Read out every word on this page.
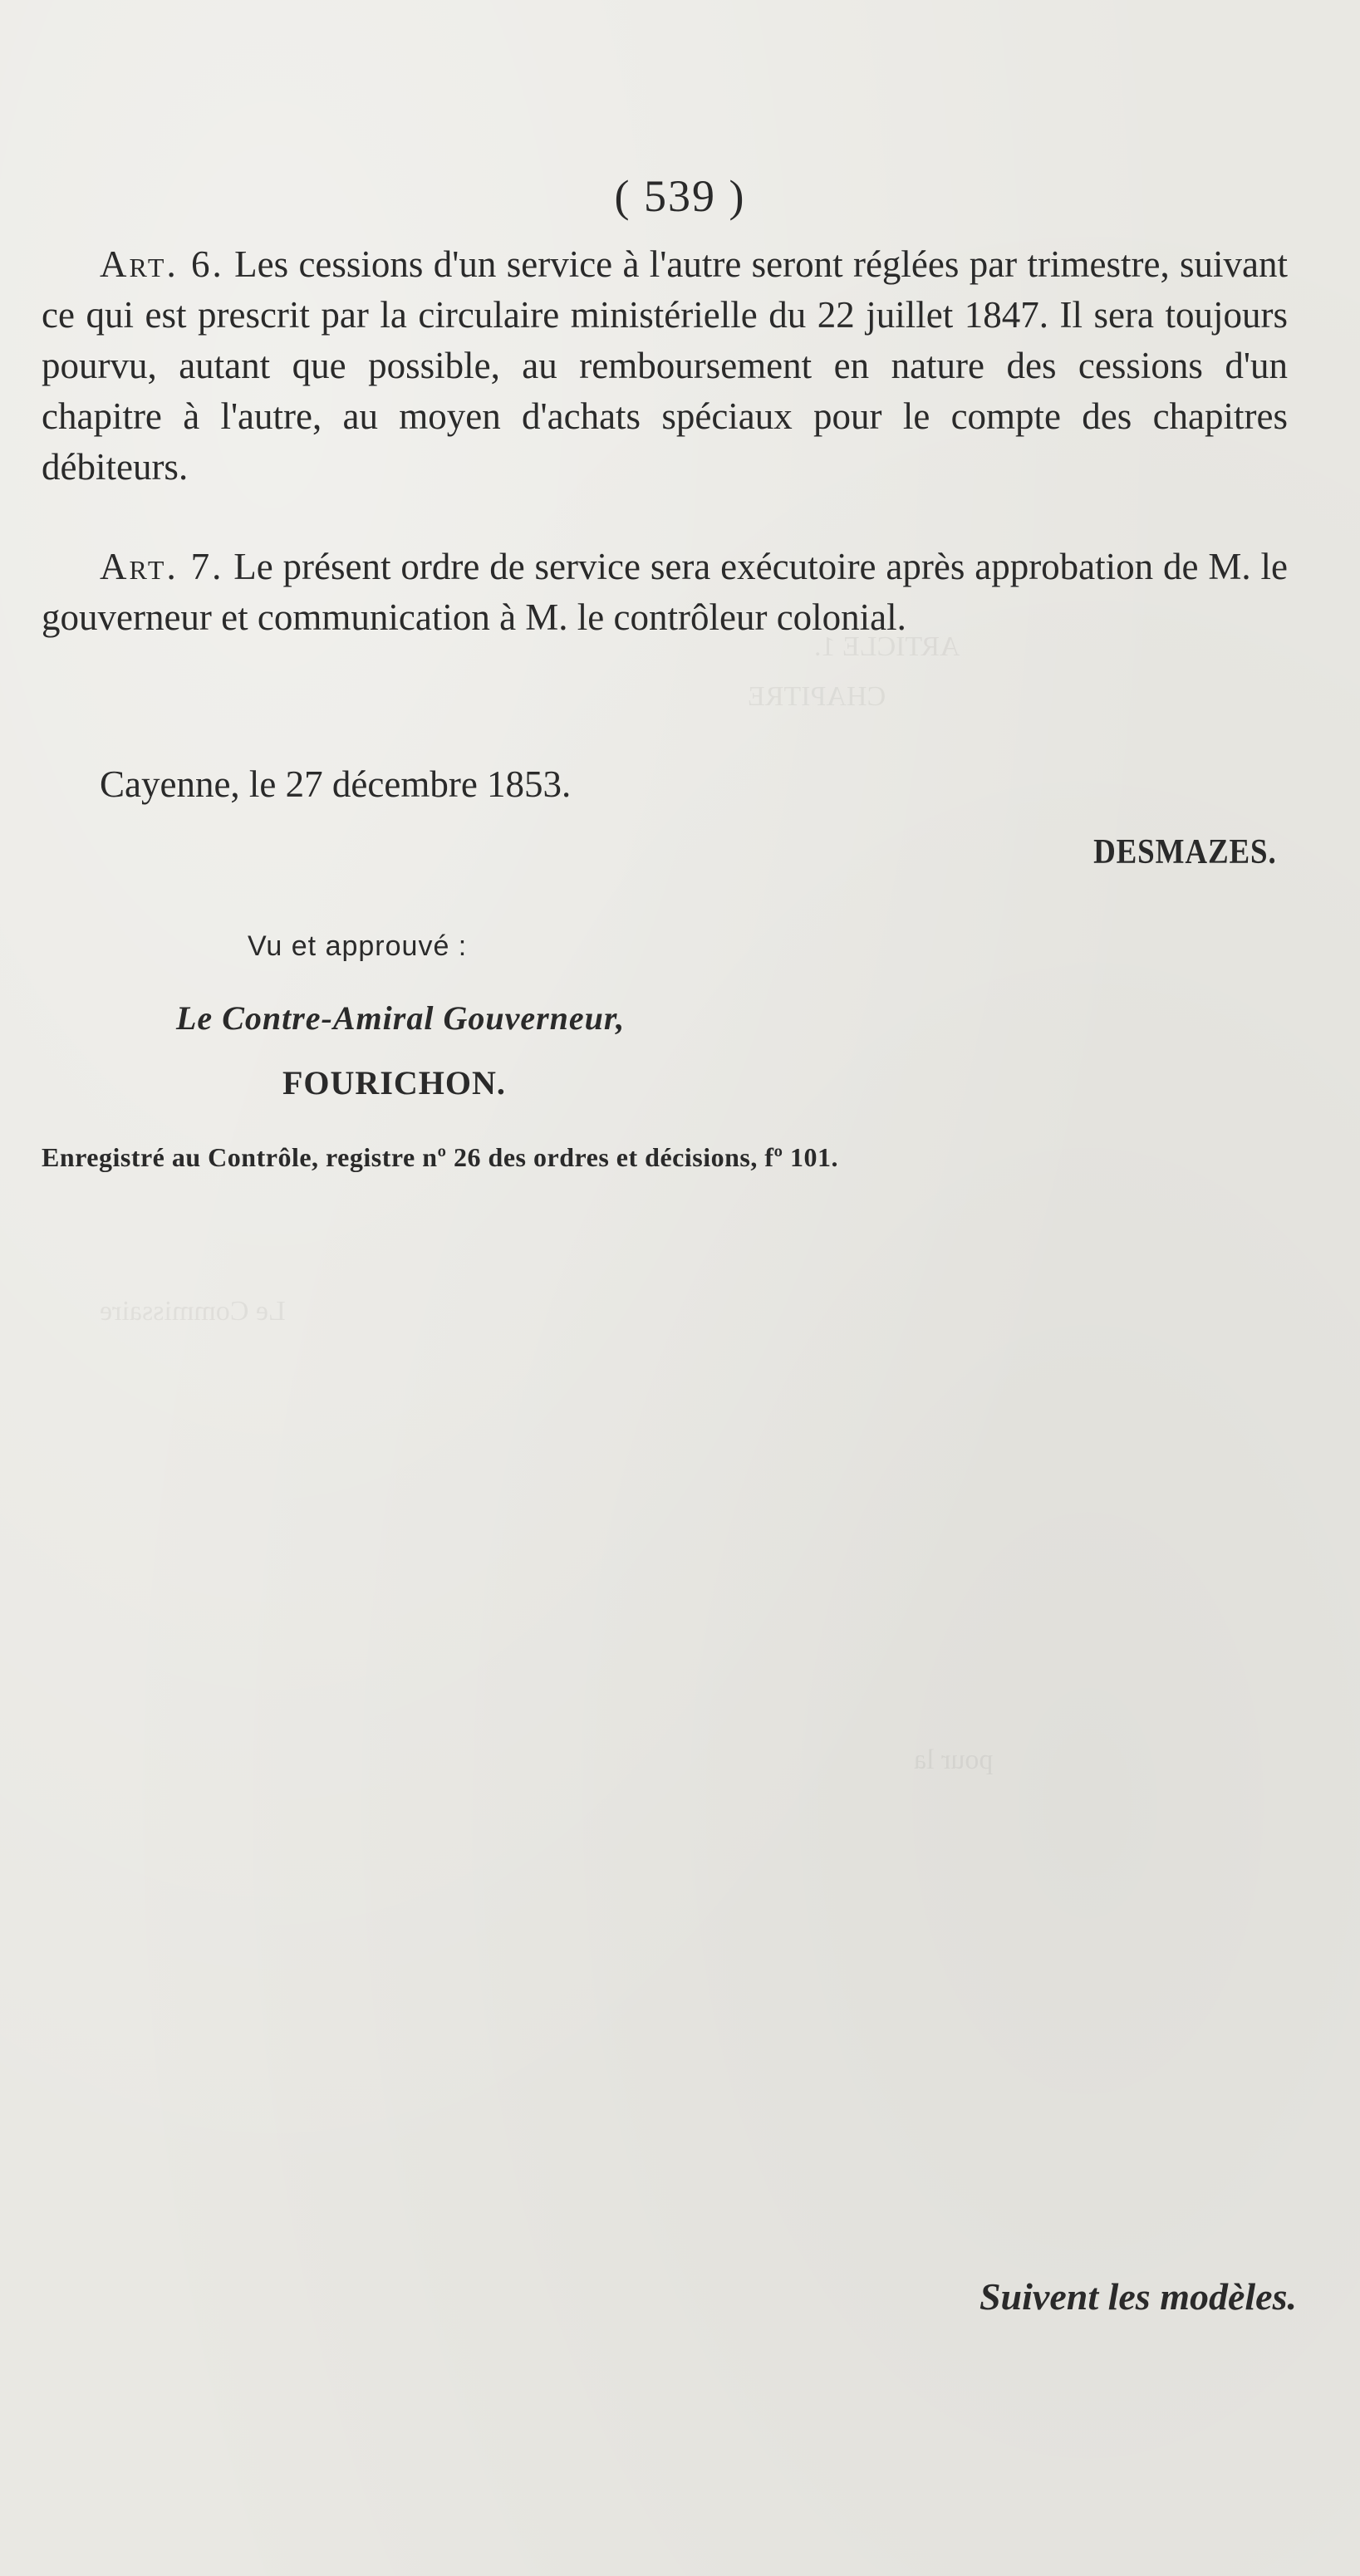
ARTICLE 1.
CHAPITRE
Le Commissaire
pour la
( 539 )

Art. 6. Les cessions d'un service à l'autre seront réglées par trimestre, suivant ce qui est prescrit par la circulaire ministérielle du 22 juillet 1847. Il sera toujours pourvu, autant que possible, au remboursement en nature des cessions d'un chapitre à l'autre, au moyen d'achats spéciaux pour le compte des chapitres débiteurs.

Art. 7. Le présent ordre de service sera exécutoire après approbation de M. le gouverneur et communication à M. le contrôleur colonial.

Cayenne, le 27 décembre 1853.

DESMAZES.

Vu et approuvé :

Le Contre-Amiral Gouverneur,

FOURICHON.

Enregistré au Contrôle, registre nº 26 des ordres et décisions, fº 101.

Suivent les modèles.
